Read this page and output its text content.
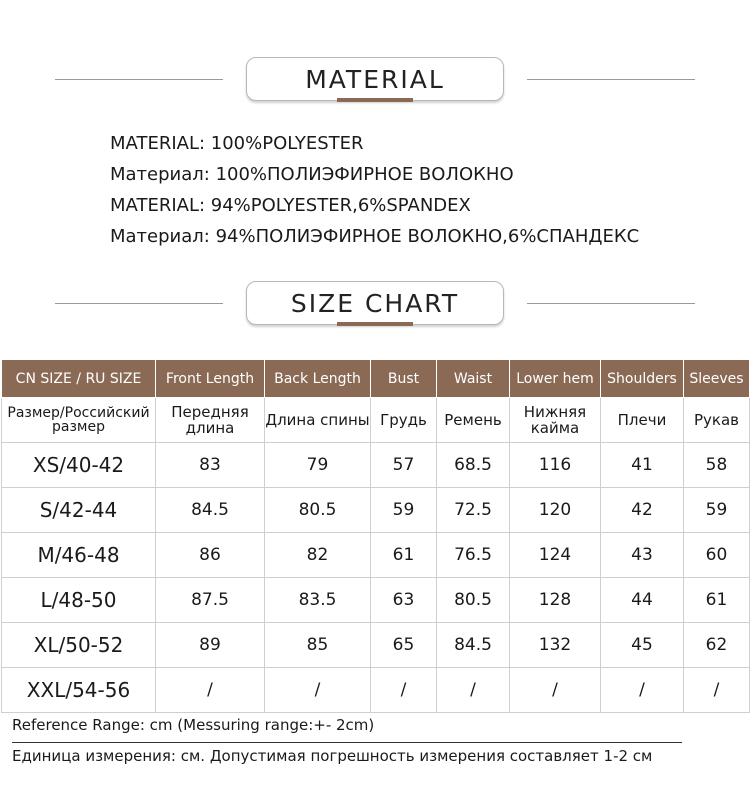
MATERIAL
MATERIAL: 100%POLYESTER
Материал: 100%ПОЛИЭФИРНОЕ ВОЛОКНО
MATERIAL: 94%POLYESTER,6%SPANDEX
Материал: 94%ПОЛИЭФИРНОЕ ВОЛОКНО,6%СПАНДЕКС
SIZE CHART
CN SIZE / RU SIZE	Front Length	Back Length	Bust	Waist	Lower hem	Shoulders	Sleeves
Размер/Российский размер	Передняя длина	Длина спины	Грудь	Ремень	Нижняя кайма	Плечи	Рукав
XS/40-42	83	79	57	68.5	116	41	58
S/42-44	84.5	80.5	59	72.5	120	42	59
M/46-48	86	82	61	76.5	124	43	60
L/48-50	87.5	83.5	63	80.5	128	44	61
XL/50-52	89	85	65	84.5	132	45	62
XXL/54-56	/	/	/	/	/	/	/
Reference Range: cm (Messuring range:+- 2cm)
Единица измерения: см. Допустимая погрешность измерения составляет 1-2 см
